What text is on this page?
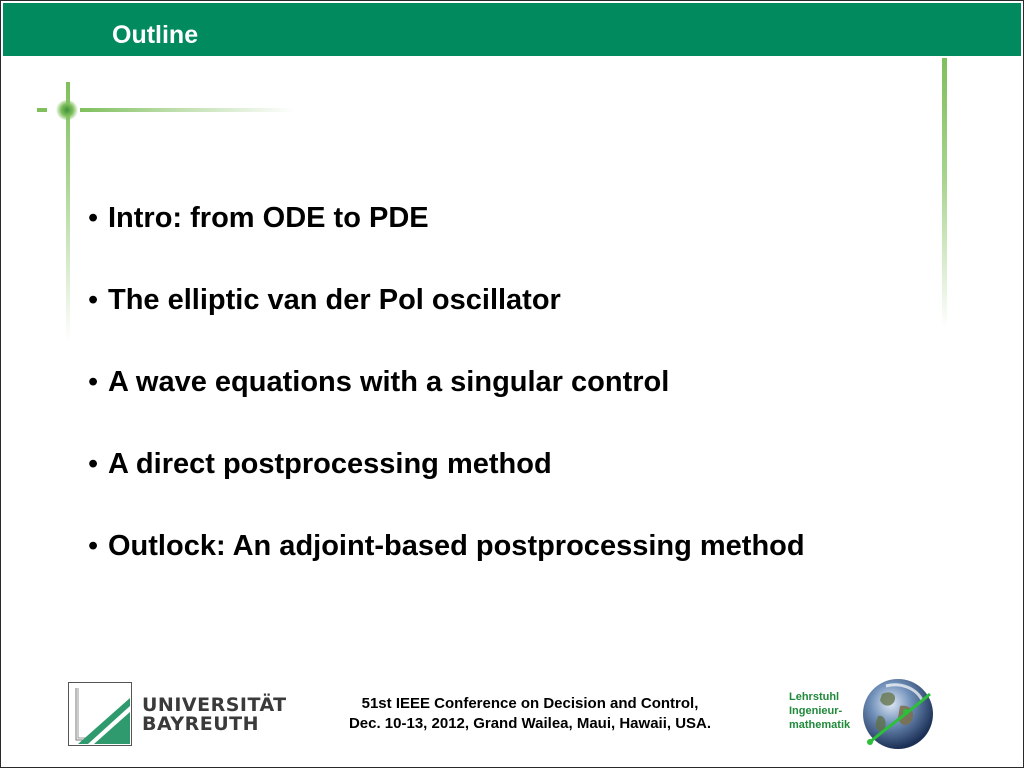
Outline
• Intro: from ODE to PDE
• The elliptic van der Pol oscillator
• A wave equations with a singular control
• A direct postprocessing method
• Outlock: An adjoint-based postprocessing method
UNIVERSITÄT
BAYREUTH
51st IEEE Conference on Decision and Control,
Dec. 10-13, 2012, Grand Wailea, Maui, Hawaii, USA.
Lehrstuhl
Ingenieur-
mathematik
